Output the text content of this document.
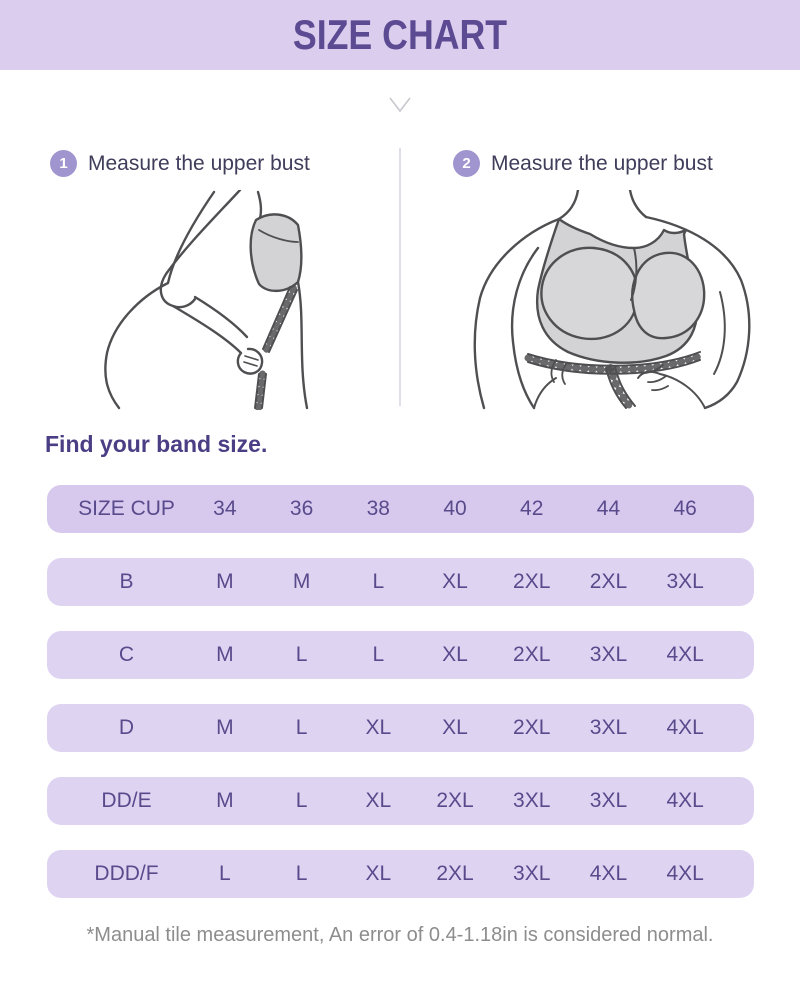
SIZE CHART
1 Measure the upper bust	2 Measure the upper bust
Find your band size.
SIZE CUP	34	36	38	40	42	44	46
B	M	M	L	XL	2XL	2XL	3XL
C	M	L	L	XL	2XL	3XL	4XL
D	M	L	XL	XL	2XL	3XL	4XL
DD/E	M	L	XL	2XL	3XL	3XL	4XL
DDD/F	L	L	XL	2XL	3XL	4XL	4XL
*Manual tile measurement, An error of 0.4-1.18in is considered normal.
